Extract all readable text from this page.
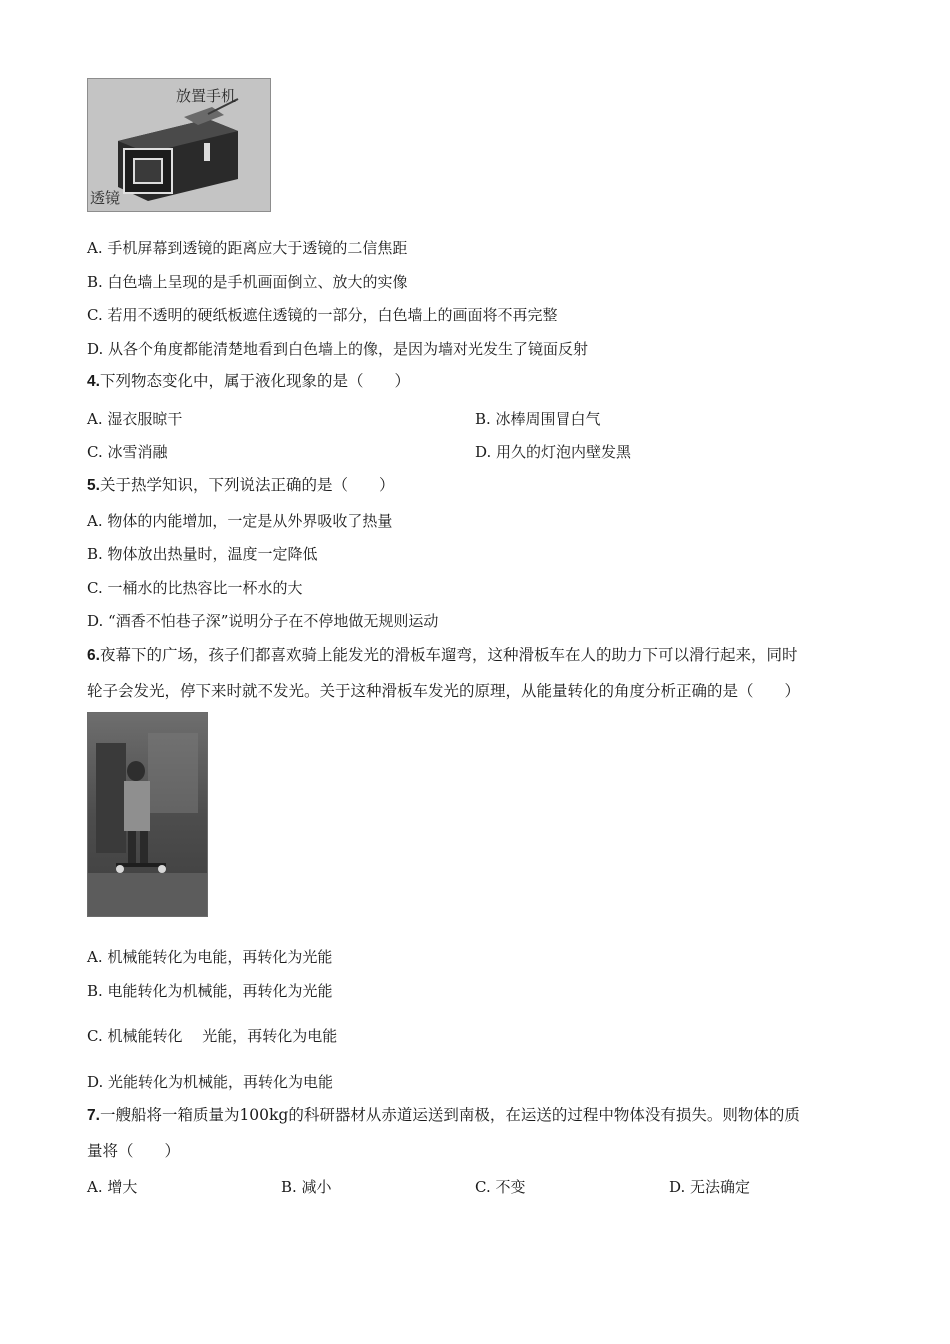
放置手机
透镜
A. 手机屏幕到透镜的距离应大于透镜的二信焦距
B. 白色墙上呈现的是手机画面倒立、放大的实像
C. 若用不透明的硬纸板遮住透镜的一部分，白色墙上的画面将不再完整
D. 从各个角度都能清楚地看到白色墙上的像，是因为墙对光发生了镜面反射
4.下列物态变化中，属于液化现象的是（　　）
A. 湿衣服晾干	B. 冰棒周围冒白气
C. 冰雪消融	D. 用久的灯泡内壁发黑
5.关于热学知识，下列说法正确的是（　　）
A. 物体的内能增加，一定是从外界吸收了热量
B. 物体放出热量时，温度一定降低
C. 一桶水的比热容比一杯水的大
D. “酒香不怕巷子深”说明分子在不停地做无规则运动
6.夜幕下的广场，孩子们都喜欢骑上能发光的滑板车遛弯，这种滑板车在人的助力下可以滑行起来，同时
轮子会发光，停下来时就不发光。关于这种滑板车发光的原理，从能量转化的角度分析正确的是（　　）
A. 机械能转化为电能，再转化为光能
B. 电能转化为机械能，再转化为光能
C. 机械能转化　 光能，再转化为电能
D. 光能转化为机械能，再转化为电能
7.一艘船将一箱质量为100kg的科研器材从赤道运送到南极，在运送的过程中物体没有损失。则物体的质
量将（　　）
A. 增大	B. 减小	C. 不变	D. 无法确定
